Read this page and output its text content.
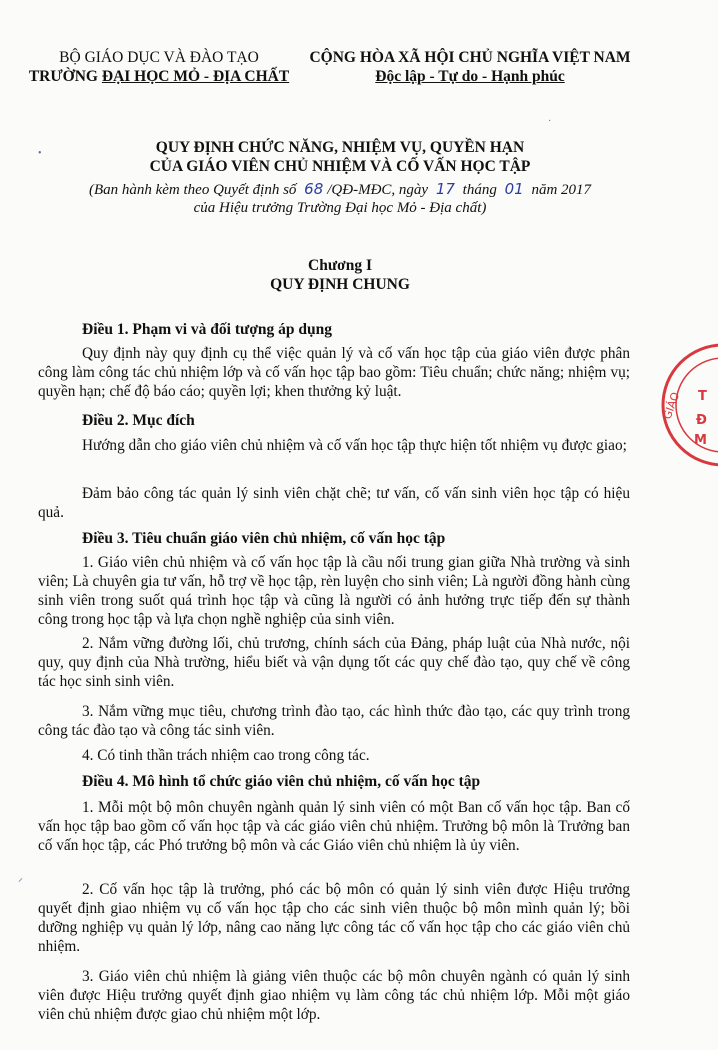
BỘ GIÁO DỤC VÀ ĐÀO TẠO
TRƯỜNG ĐẠI HỌC MỎ - ĐỊA CHẤT
CỘNG HÒA XÃ HỘI CHỦ NGHĨA VIỆT NAM
Độc lập - Tự do - Hạnh phúc
QUY ĐỊNH CHỨC NĂNG, NHIỆM VỤ, QUYỀN HẠN
CỦA GIÁO VIÊN CHỦ NHIỆM VÀ CỐ VẤN HỌC TẬP
(Ban hành kèm theo Quyết định số 68 /QĐ-MĐC, ngày 17 tháng 01 năm 2017
của Hiệu trưởng Trường Đại học Mỏ - Địa chất)
Chương I
QUY ĐỊNH CHUNG
Điều 1. Phạm vi và đối tượng áp dụng
Quy định này quy định cụ thể việc quản lý và cố vấn học tập của giáo viên được phân công làm công tác chủ nhiệm lớp và cố vấn học tập bao gồm: Tiêu chuẩn; chức năng; nhiệm vụ; quyền hạn; chế độ báo cáo; quyền lợi; khen thưởng kỷ luật.
Điều 2. Mục đích
Hướng dẫn cho giáo viên chủ nhiệm và cố vấn học tập thực hiện tốt nhiệm vụ được giao;
Đảm bảo công tác quản lý sinh viên chặt chẽ; tư vấn, cố vấn sinh viên học tập có hiệu quả.
Điều 3. Tiêu chuẩn giáo viên chủ nhiệm, cố vấn học tập
1. Giáo viên chủ nhiệm và cố vấn học tập là cầu nối trung gian giữa Nhà trường và sinh viên; Là chuyên gia tư vấn, hỗ trợ về học tập, rèn luyện cho sinh viên; Là người đồng hành cùng sinh viên trong suốt quá trình học tập và cũng là người có ảnh hưởng trực tiếp đến sự thành công trong học tập và lựa chọn nghề nghiệp của sinh viên.
2. Nắm vững đường lối, chủ trương, chính sách của Đảng, pháp luật của Nhà nước, nội quy, quy định của Nhà trường, hiểu biết và vận dụng tốt các quy chế đào tạo, quy chế về công tác học sinh sinh viên.
3. Nắm vững mục tiêu, chương trình đào tạo, các hình thức đào tạo, các quy trình trong công tác đào tạo và công tác sinh viên.
4. Có tinh thần trách nhiệm cao trong công tác.
Điều 4. Mô hình tổ chức giáo viên chủ nhiệm, cố vấn học tập
1. Mỗi một bộ môn chuyên ngành quản lý sinh viên có một Ban cố vấn học tập. Ban cố vấn học tập bao gồm cố vấn học tập và các giáo viên chủ nhiệm. Trưởng bộ môn là Trưởng ban cố vấn học tập, các Phó trưởng bộ môn và các Giáo viên chủ nhiệm là ủy viên.
2. Cố vấn học tập là trưởng, phó các bộ môn có quản lý sinh viên được Hiệu trưởng quyết định giao nhiệm vụ cố vấn học tập cho các sinh viên thuộc bộ môn mình quản lý; bồi dưỡng nghiệp vụ quản lý lớp, nâng cao năng lực công tác cố vấn học tập cho các giáo viên chủ nhiệm.
3. Giáo viên chủ nhiệm là giảng viên thuộc các bộ môn chuyên ngành có quản lý sinh viên được Hiệu trưởng quyết định giao nhiệm vụ làm công tác chủ nhiệm lớp. Mỗi một giáo viên chủ nhiệm được giao chủ nhiệm một lớp.
GIÁO T
Đ
M
•
·
⸝
